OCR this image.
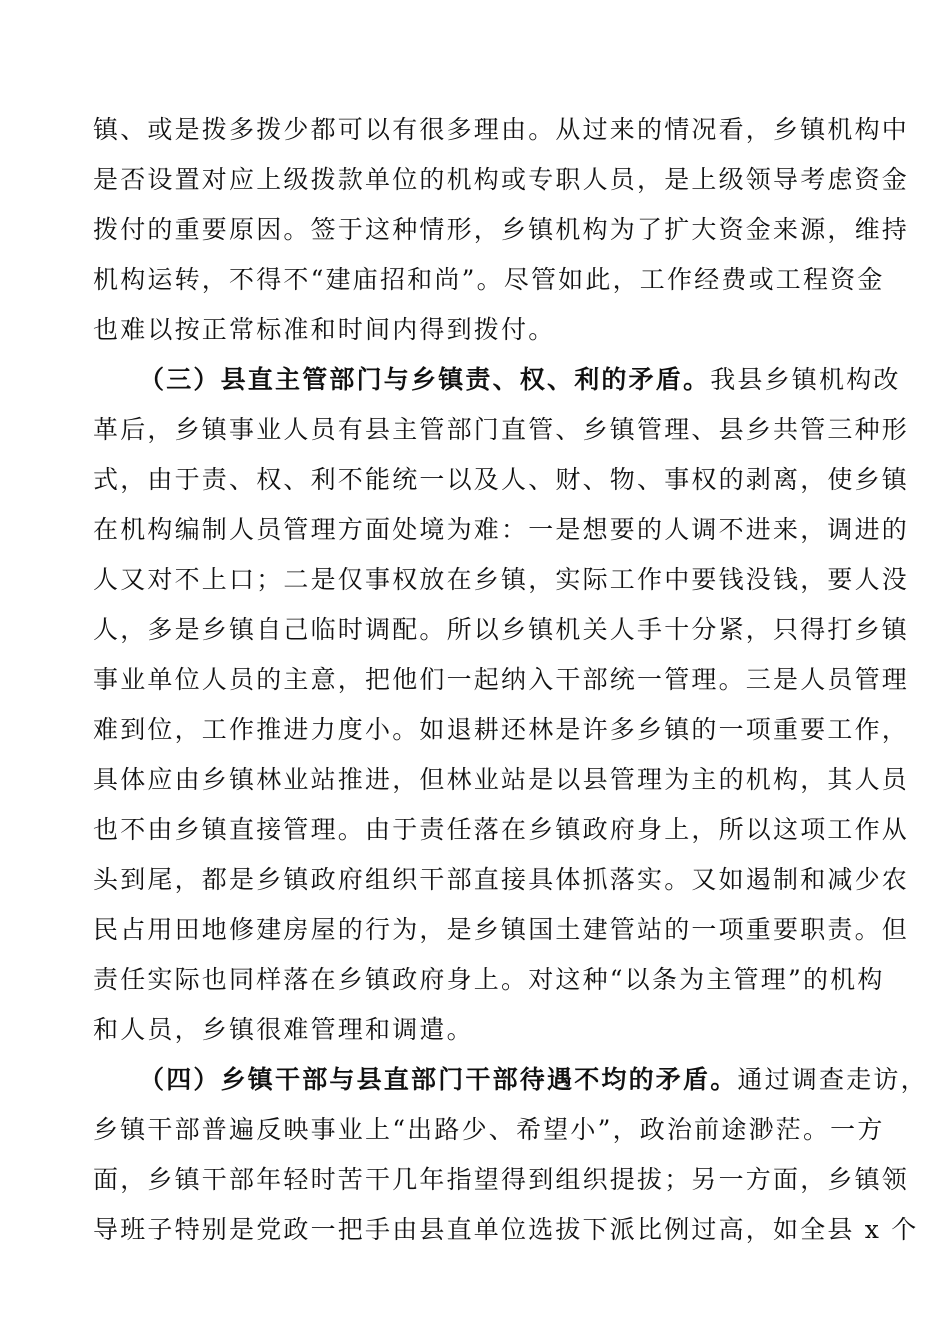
镇、或是拨多拨少都可以有很多理由。从过来的情况看，乡镇机构中
是否设置对应上级拨款单位的机构或专职人员，是上级领导考虑资金
拨付的重要原因。签于这种情形，乡镇机构为了扩大资金来源，维持
机构运转，不得不“建庙招和尚”。尽管如此，工作经费或工程资金
也难以按正常标准和时间内得到拨付。
（三）县直主管部门与乡镇责、权、利的矛盾。我县乡镇机构改
革后，乡镇事业人员有县主管部门直管、乡镇管理、县乡共管三种形
式，由于责、权、利不能统一以及人、财、物、事权的剥离，使乡镇
在机构编制人员管理方面处境为难：一是想要的人调不进来，调进的
人又对不上口；二是仅事权放在乡镇，实际工作中要钱没钱，要人没
人，多是乡镇自己临时调配。所以乡镇机关人手十分紧，只得打乡镇
事业单位人员的主意，把他们一起纳入干部统一管理。三是人员管理
难到位，工作推进力度小。如退耕还林是许多乡镇的一项重要工作，
具体应由乡镇林业站推进，但林业站是以县管理为主的机构，其人员
也不由乡镇直接管理。由于责任落在乡镇政府身上，所以这项工作从
头到尾，都是乡镇政府组织干部直接具体抓落实。又如遏制和减少农
民占用田地修建房屋的行为，是乡镇国土建管站的一项重要职责。但
责任实际也同样落在乡镇政府身上。对这种“以条为主管理”的机构
和人员，乡镇很难管理和调遣。
（四）乡镇干部与县直部门干部待遇不均的矛盾。通过调查走访，
乡镇干部普遍反映事业上“出路少、希望小”，政治前途渺茫。一方
面，乡镇干部年轻时苦干几年指望得到组织提拔；另一方面，乡镇领
导班子特别是党政一把手由县直单位选拔下派比例过高，如全县 x 个
